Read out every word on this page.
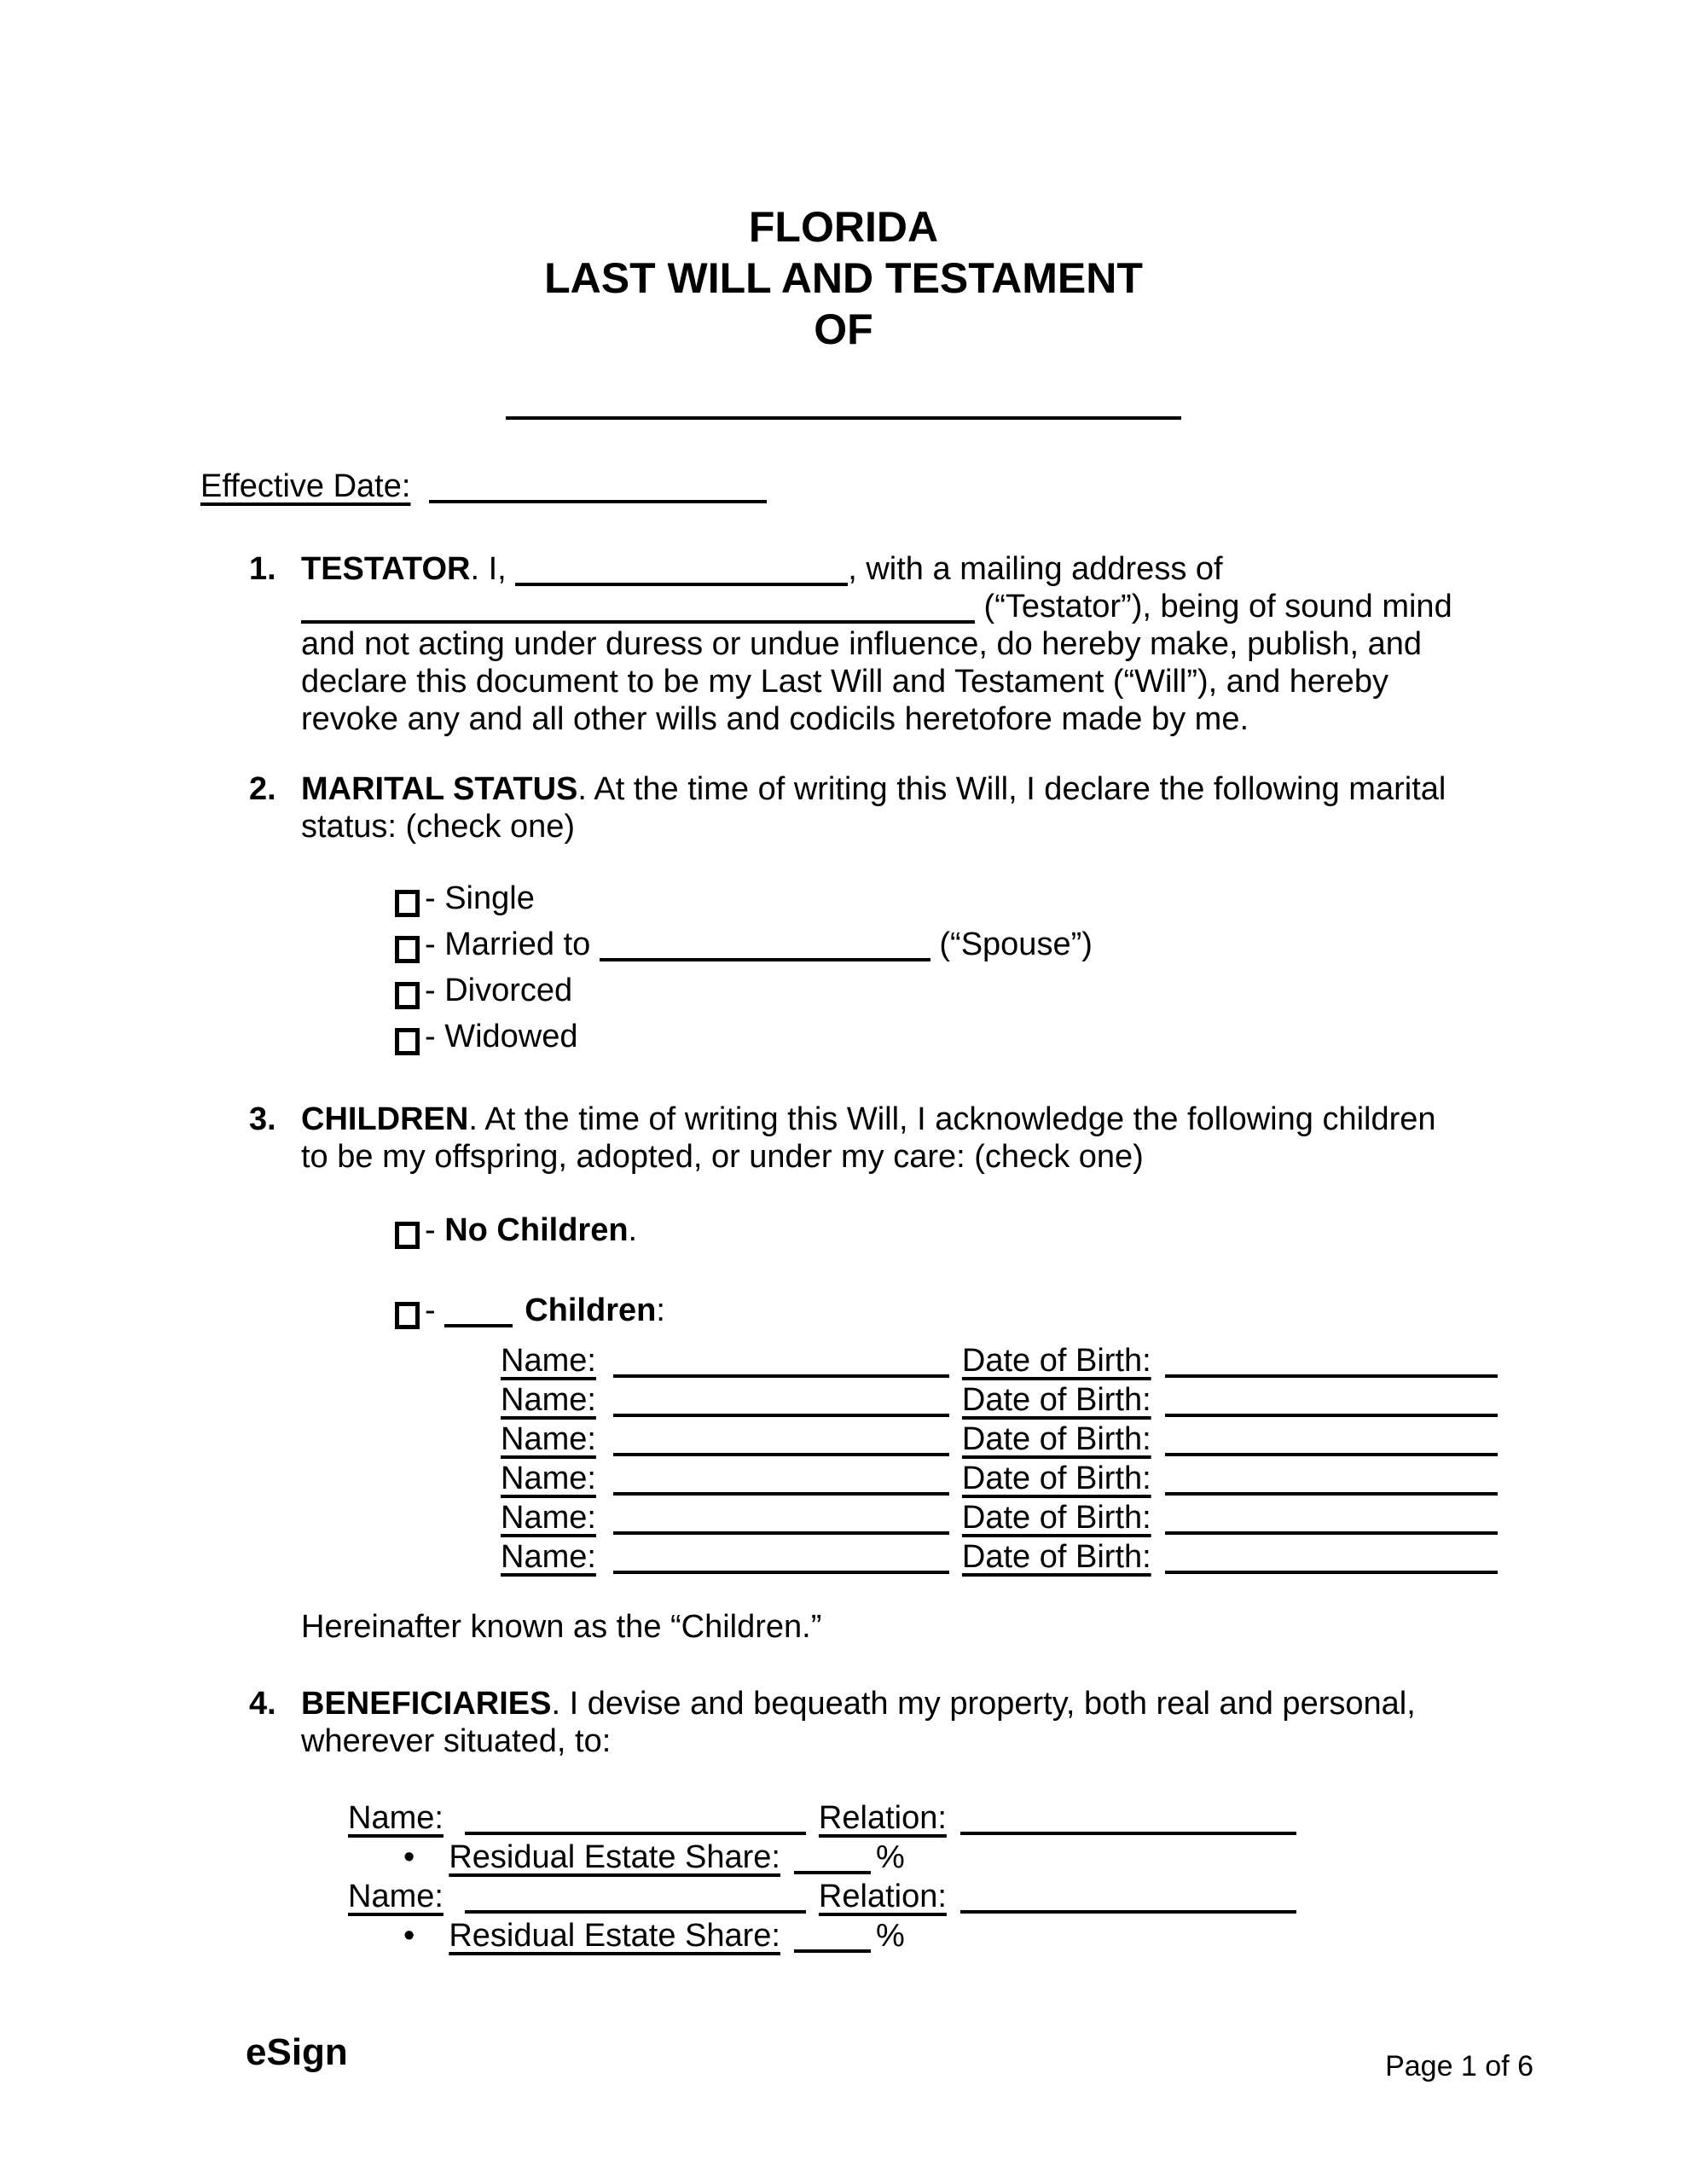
FLORIDA
LAST WILL AND TESTAMENT
OF
Effective Date:
1. TESTATOR. I,	, with a mailing address of
(“Testator”), being of sound mind
and not acting under duress or undue influence, do hereby make, publish, and
declare this document to be my Last Will and Testament (“Will”), and hereby
revoke any and all other wills and codicils heretofore made by me.
2. MARITAL STATUS. At the time of writing this Will, I declare the following marital
status: (check one)
- Single
- Married to	(“Spouse”)
- Divorced
- Widowed
3. CHILDREN. At the time of writing this Will, I acknowledge the following children
to be my offspring, adopted, or under my care: (check one)
- No Children.
- Children:
Name:	Date of Birth:
Name:	Date of Birth:
Name:	Date of Birth:
Name:	Date of Birth:
Name:	Date of Birth:
Name:	Date of Birth:
Hereinafter known as the “Children.”
4. BENEFICIARIES. I devise and bequeath my property, both real and personal,
wherever situated, to:
Name:	Relation:
• Residual Estate Share:	%
Name:	Relation:
• Residual Estate Share:	%
eSign	Page 1 of 6
